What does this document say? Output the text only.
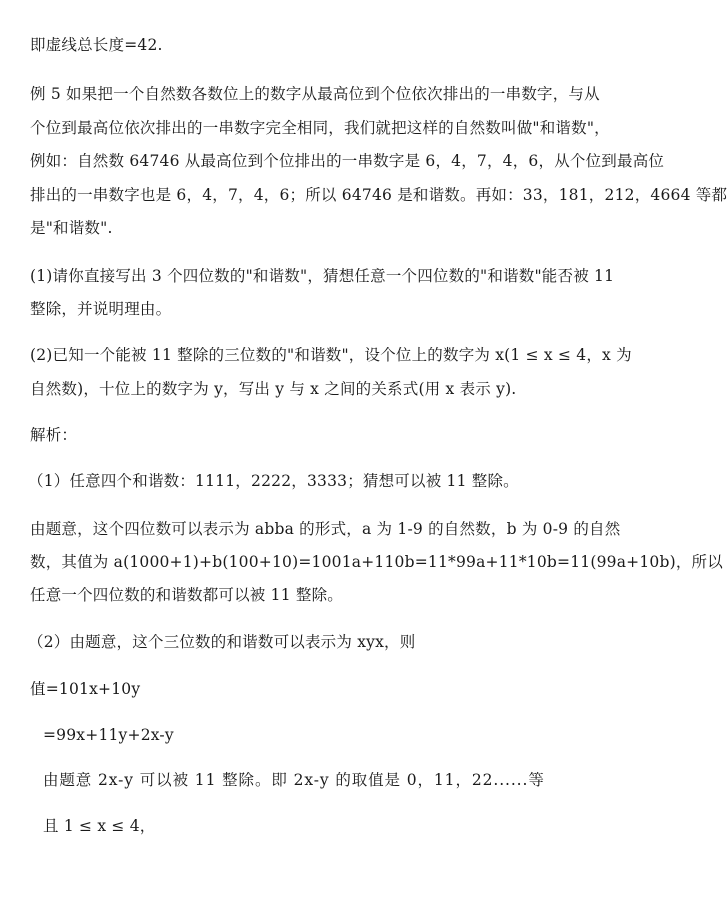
即虚线总长度=42.
例 5 如果把一个自然数各数位上的数字从最高位到个位依次排出的一串数字，与从
个位到最高位依次排出的一串数字完全相同，我们就把这样的自然数叫做"和谐数"，
例如：自然数 64746 从最高位到个位排出的一串数字是 6，4，7，4，6，从个位到最高位
排出的一串数字也是 6，4，7，4，6；所以 64746 是和谐数。再如：33，181，212，4664 等都
是"和谐数".
(1)请你直接写出 3 个四位数的"和谐数"，猜想任意一个四位数的"和谐数"能否被 11
整除，并说明理由。
(2)已知一个能被 11 整除的三位数的"和谐数"，设个位上的数字为 x(1 ≤ x ≤ 4，x 为
自然数)，十位上的数字为 y，写出 y 与 x 之间的关系式(用 x 表示 y).
解析：
（1）任意四个和谐数：1111，2222，3333；猜想可以被 11 整除。
由题意，这个四位数可以表示为 abba 的形式，a 为 1-9 的自然数，b 为 0-9 的自然
数，其值为 a(1000+1)+b(100+10)=1001a+110b=11*99a+11*10b=11(99a+10b)，所以
任意一个四位数的和谐数都可以被 11 整除。
（2）由题意，这个三位数的和谐数可以表示为 xyx，则
值=101x+10y
=99x+11y+2x-y
由题意 2x-y 可以被 11 整除。即 2x-y 的取值是 0，11，22......等
且 1 ≤ x ≤ 4，
